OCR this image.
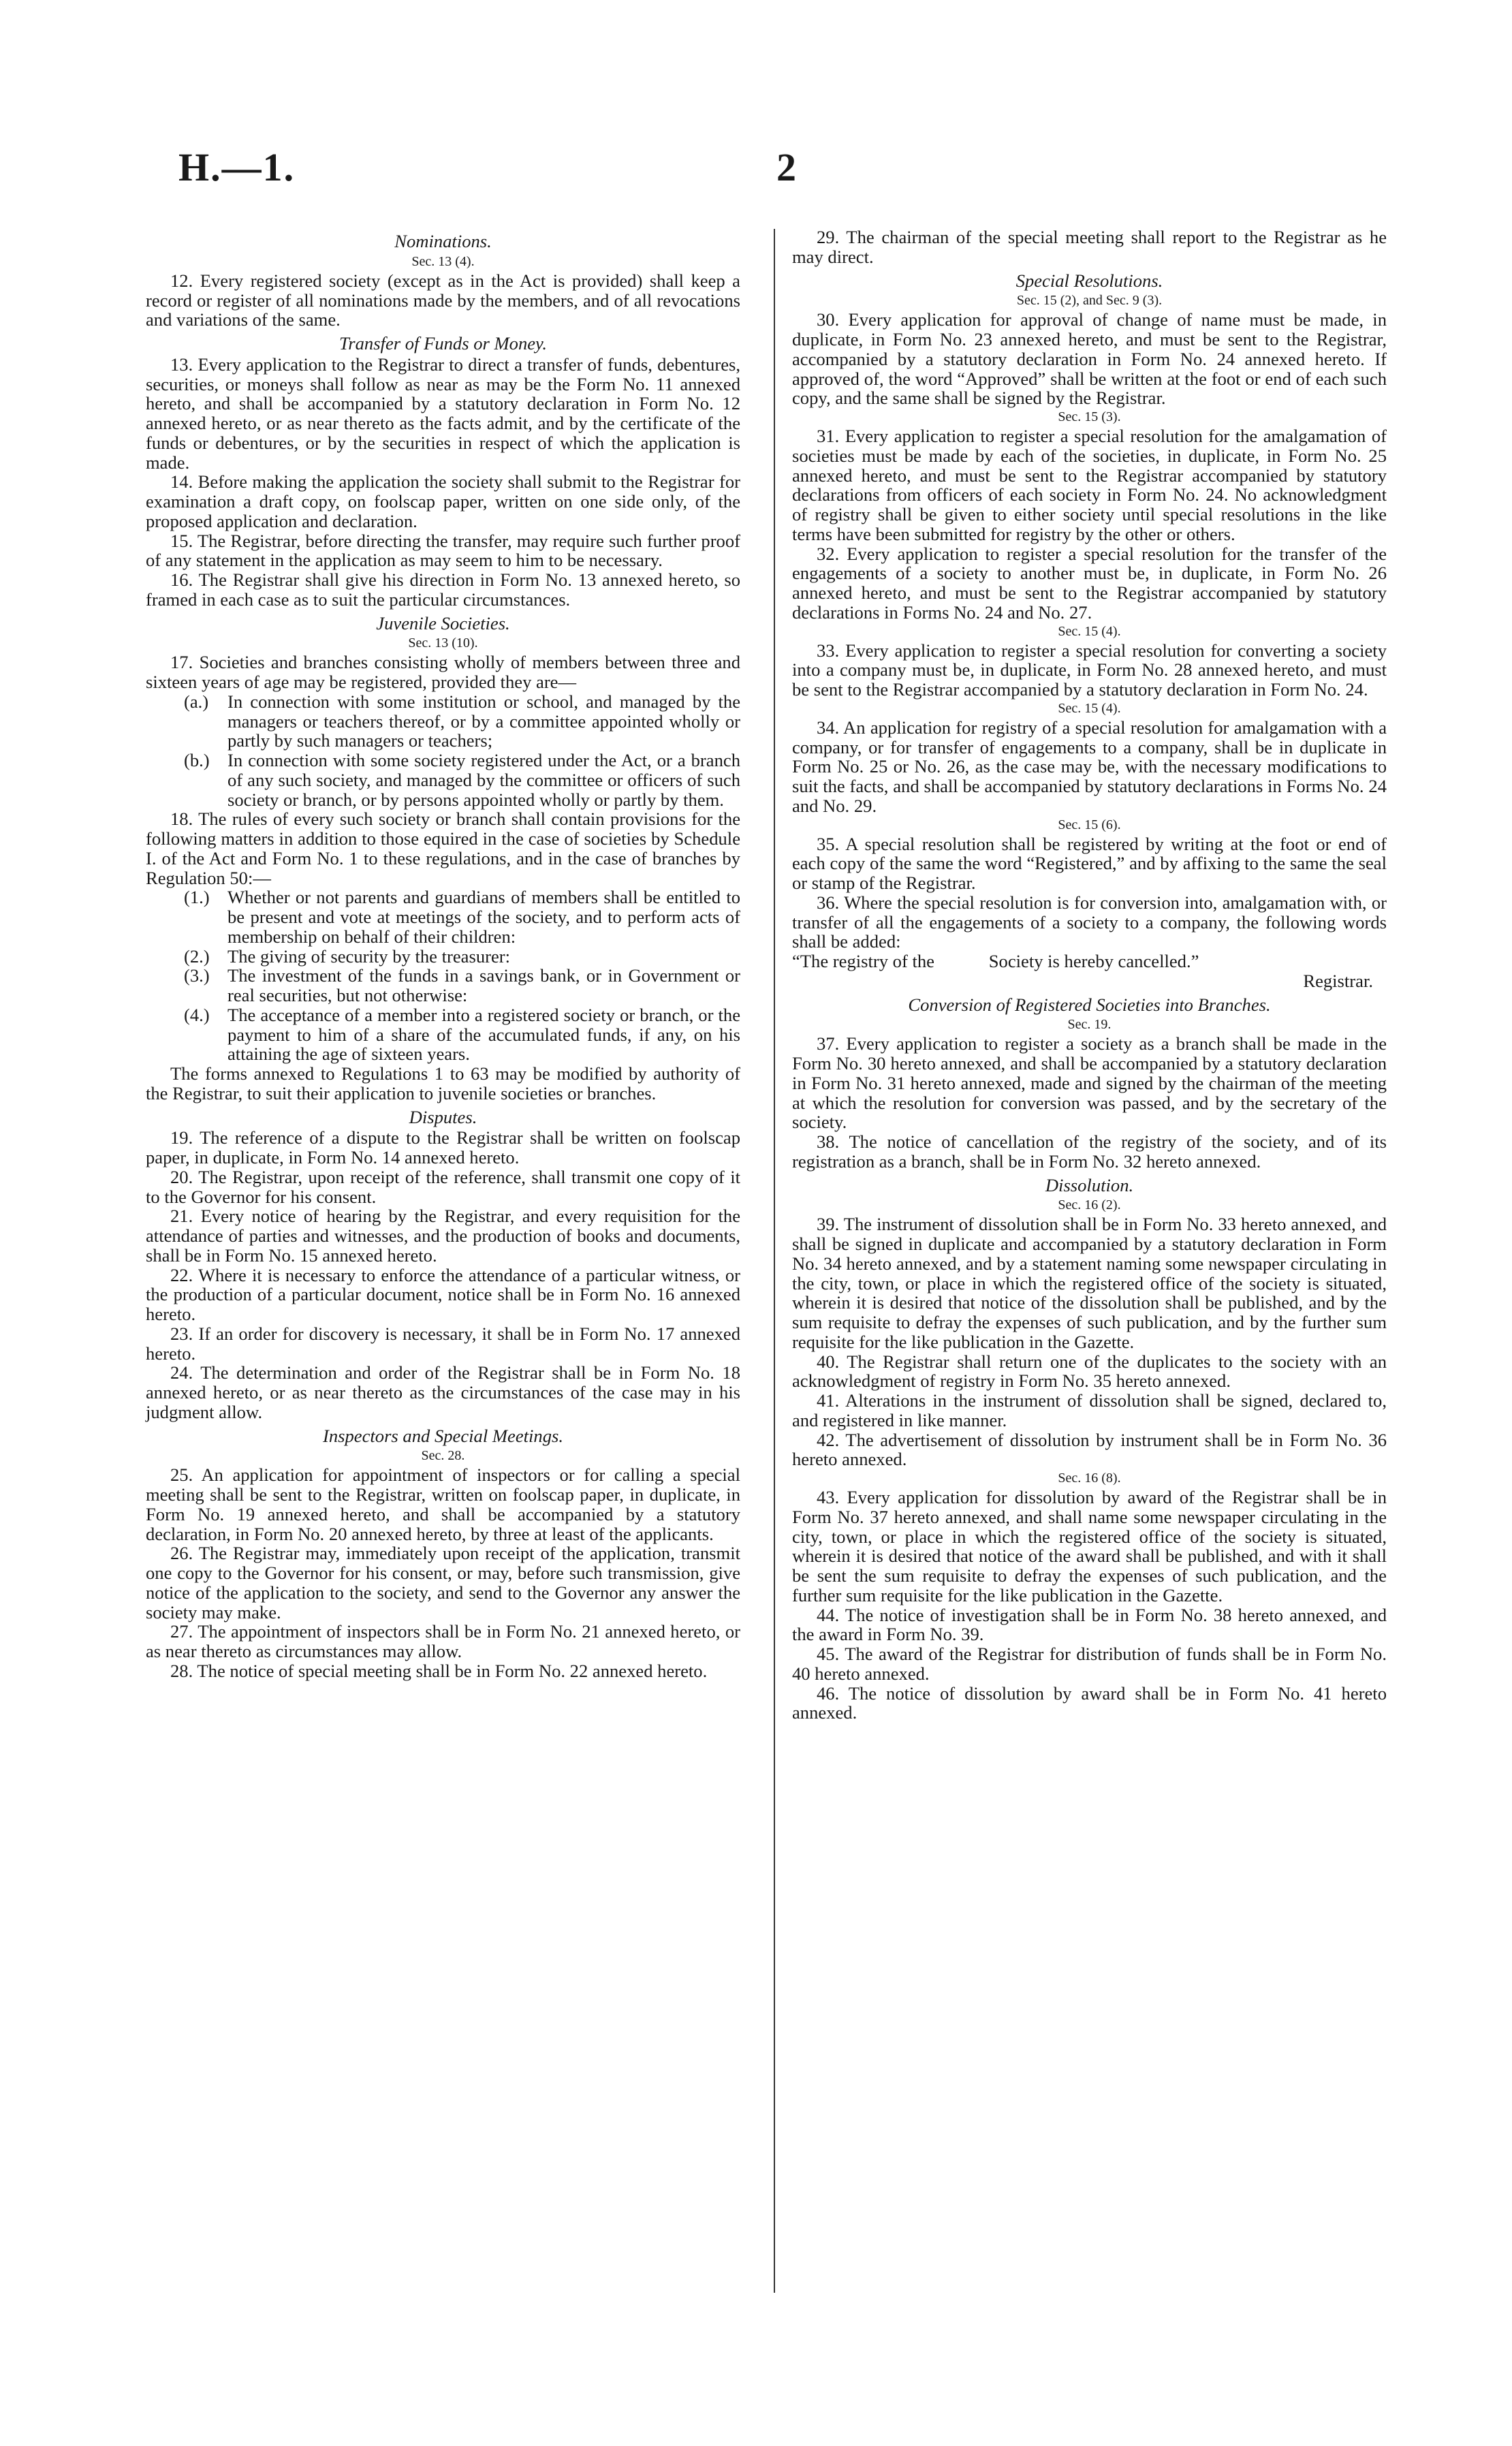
H.—1.	2
Nominations.
Sec. 13 (4).
12. Every registered society (except as in the Act is provided) shall keep a record or register of all nominations made by the members, and of all revocations and variations of the same.
Transfer of Funds or Money.
13. Every application to the Registrar to direct a transfer of funds, debentures, securities, or moneys shall follow as near as may be the Form No. 11 annexed hereto, and shall be accompanied by a statutory declaration in Form No. 12 annexed hereto, or as near thereto as the facts admit, and by the certificate of the funds or debentures, or by the securities in respect of which the application is made.
14. Before making the application the society shall submit to the Registrar for examination a draft copy, on foolscap paper, written on one side only, of the proposed application and declaration.
15. The Registrar, before directing the transfer, may require such further proof of any statement in the application as may seem to him to be necessary.
16. The Registrar shall give his direction in Form No. 13 annexed hereto, so framed in each case as to suit the particular circumstances.
Juvenile Societies.
Sec. 13 (10).
17. Societies and branches consisting wholly of members between three and sixteen years of age may be registered, provided they are—
(a.) In connection with some institution or school, and managed by the managers or teachers thereof, or by a committee appointed wholly or partly by such managers or teachers;
(b.) In connection with some society registered under the Act, or a branch of any such society, and managed by the committee or officers of such society or branch, or by persons appointed wholly or partly by them.
18. The rules of every such society or branch shall contain provisions for the following matters in addition to those equired in the case of societies by Schedule I. of the Act and Form No. 1 to these regulations, and in the case of branches by Regulation 50:—
(1.) Whether or not parents and guardians of members shall be entitled to be present and vote at meetings of the society, and to perform acts of membership on behalf of their children:
(2.) The giving of security by the treasurer:
(3.) The investment of the funds in a savings bank, or in Government or real securities, but not otherwise:
(4.) The acceptance of a member into a registered society or branch, or the payment to him of a share of the accumulated funds, if any, on his attaining the age of sixteen years.
The forms annexed to Regulations 1 to 63 may be modified by authority of the Registrar, to suit their application to juvenile societies or branches.
Disputes.
19. The reference of a dispute to the Registrar shall be written on foolscap paper, in duplicate, in Form No. 14 annexed hereto.
20. The Registrar, upon receipt of the reference, shall transmit one copy of it to the Governor for his consent.
21. Every notice of hearing by the Registrar, and every requisition for the attendance of parties and witnesses, and the production of books and documents, shall be in Form No. 15 annexed hereto.
22. Where it is necessary to enforce the attendance of a particular witness, or the production of a particular document, notice shall be in Form No. 16 annexed hereto.
23. If an order for discovery is necessary, it shall be in Form No. 17 annexed hereto.
24. The determination and order of the Registrar shall be in Form No. 18 annexed hereto, or as near thereto as the circumstances of the case may in his judgment allow.
Inspectors and Special Meetings.
Sec. 28.
25. An application for appointment of inspectors or for calling a special meeting shall be sent to the Registrar, written on foolscap paper, in duplicate, in Form No. 19 annexed hereto, and shall be accompanied by a statutory declaration, in Form No. 20 annexed hereto, by three at least of the applicants.
26. The Registrar may, immediately upon receipt of the application, transmit one copy to the Governor for his consent, or may, before such transmission, give notice of the application to the society, and send to the Governor any answer the society may make.
27. The appointment of inspectors shall be in Form No. 21 annexed hereto, or as near thereto as circumstances may allow.
28. The notice of special meeting shall be in Form No. 22 annexed hereto.
29. The chairman of the special meeting shall report to the Registrar as he may direct.
Special Resolutions.
Sec. 15 (2), and Sec. 9 (3).
30. Every application for approval of change of name must be made, in duplicate, in Form No. 23 annexed hereto, and must be sent to the Registrar, accompanied by a statutory declaration in Form No. 24 annexed hereto. If approved of, the word “Approved” shall be written at the foot or end of each such copy, and the same shall be signed by the Registrar.
Sec. 15 (3).
31. Every application to register a special resolution for the amalgamation of societies must be made by each of the societies, in duplicate, in Form No. 25 annexed hereto, and must be sent to the Registrar accompanied by statutory declarations from officers of each society in Form No. 24. No acknowledgment of registry shall be given to either society until special resolutions in the like terms have been submitted for registry by the other or others.
32. Every application to register a special resolution for the transfer of the engagements of a society to another must be, in duplicate, in Form No. 26 annexed hereto, and must be sent to the Registrar accompanied by statutory declarations in Forms No. 24 and No. 27.
Sec. 15 (4).
33. Every application to register a special resolution for converting a society into a company must be, in duplicate, in Form No. 28 annexed hereto, and must be sent to the Registrar accompanied by a statutory declaration in Form No. 24.
Sec. 15 (4).
34. An application for registry of a special resolution for amalgamation with a company, or for transfer of engagements to a company, shall be in duplicate in Form No. 25 or No. 26, as the case may be, with the necessary modifications to suit the facts, and shall be accompanied by statutory declarations in Forms No. 24 and No. 29.
Sec. 15 (6).
35. A special resolution shall be registered by writing at the foot or end of each copy of the same the word “Registered,” and by affixing to the same the seal or stamp of the Registrar.
36. Where the special resolution is for conversion into, amalgamation with, or transfer of all the engagements of a society to a company, the following words shall be added:
“The registry of the            Society is hereby cancelled.”
Registrar.
Conversion of Registered Societies into Branches.
Sec. 19.
37. Every application to register a society as a branch shall be made in the Form No. 30 hereto annexed, and shall be accompanied by a statutory declaration in Form No. 31 hereto annexed, made and signed by the chairman of the meeting at which the resolution for conversion was passed, and by the secretary of the society.
38. The notice of cancellation of the registry of the society, and of its registration as a branch, shall be in Form No. 32 hereto annexed.
Dissolution.
Sec. 16 (2).
39. The instrument of dissolution shall be in Form No. 33 hereto annexed, and shall be signed in duplicate and accompanied by a statutory declaration in Form No. 34 hereto annexed, and by a statement naming some newspaper circulating in the city, town, or place in which the registered office of the society is situated, wherein it is desired that notice of the dissolution shall be published, and by the sum requisite to defray the expenses of such publication, and by the further sum requisite for the like publication in the Gazette.
40. The Registrar shall return one of the duplicates to the society with an acknowledgment of registry in Form No. 35 hereto annexed.
41. Alterations in the instrument of dissolution shall be signed, declared to, and registered in like manner.
42. The advertisement of dissolution by instrument shall be in Form No. 36 hereto annexed.
Sec. 16 (8).
43. Every application for dissolution by award of the Registrar shall be in Form No. 37 hereto annexed, and shall name some newspaper circulating in the city, town, or place in which the registered office of the society is situated, wherein it is desired that notice of the award shall be published, and with it shall be sent the sum requisite to defray the expenses of such publication, and the further sum requisite for the like publication in the Gazette.
44. The notice of investigation shall be in Form No. 38 hereto annexed, and the award in Form No. 39.
45. The award of the Registrar for distribution of funds shall be in Form No. 40 hereto annexed.
46. The notice of dissolution by award shall be in Form No. 41 hereto annexed.
